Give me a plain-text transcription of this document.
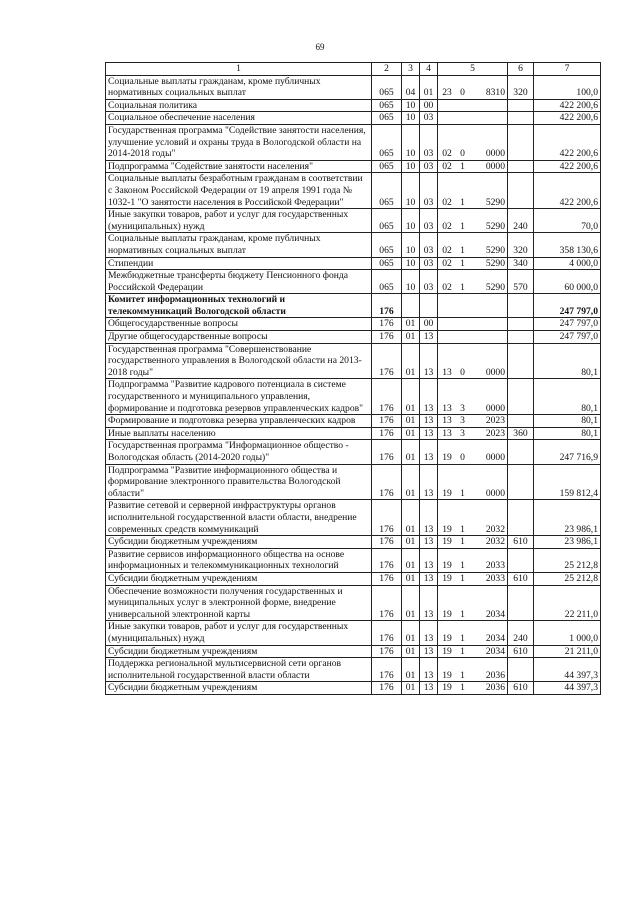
69
1	2	3	4	5	6	7
Социальные выплаты гражданам, кроме публичных нормативных социальных выплат	065	04	01	23 0 8310	320	100,0
Социальная политика	065	10	00			422 200,6
Социальное обеспечение населения	065	10	03			422 200,6
Государственная программа "Содействие занятости населения, улучшение условий и охраны труда в Вологодской области на 2014-2018 годы"	065	10	03	02 0 0000		422 200,6
Подпрограмма "Содействие занятости населения"	065	10	03	02 1 0000		422 200,6
Социальные выплаты безработным гражданам в соответствии с Законом Российской Федерации от 19 апреля 1991 года № 1032-1 "О занятости населения в Российской Федерации"	065	10	03	02 1 5290		422 200,6
Иные закупки товаров, работ и услуг для государственных (муниципальных) нужд	065	10	03	02 1 5290	240	70,0
Социальные выплаты гражданам, кроме публичных нормативных социальных выплат	065	10	03	02 1 5290	320	358 130,6
Стипендии	065	10	03	02 1 5290	340	4 000,0
Межбюджетные трансферты бюджету Пенсионного фонда Российской Федерации	065	10	03	02 1 5290	570	60 000,0
Комитет информационных технологий и телекоммуникаций Вологодской области	176					247 797,0
Общегосударственные вопросы	176	01	00			247 797,0
Другие общегосударственные вопросы	176	01	13			247 797,0
Государственная программа "Совершенствование государственного управления в Вологодской области на 2013-2018 годы"	176	01	13	13 0 0000		80,1
Подпрограмма "Развитие кадрового потенциала в системе государственного и муниципального управления, формирование и подготовка резервов управленческих кадров"	176	01	13	13 3 0000		80,1
Формирование и подготовка резерва управленческих кадров	176	01	13	13 3 2023		80,1
Иные выплаты населению	176	01	13	13 3 2023	360	80,1
Государственная программа "Информационное общество - Вологодская область (2014-2020 годы)"	176	01	13	19 0 0000		247 716,9
Подпрограмма "Развитие информационного общества и формирование электронного правительства Вологодской области"	176	01	13	19 1 0000		159 812,4
Развитие сетевой и серверной инфраструктуры органов исполнительной государственной власти области, внедрение современных средств коммуникаций	176	01	13	19 1 2032		23 986,1
Субсидии бюджетным учреждениям	176	01	13	19 1 2032	610	23 986,1
Развитие сервисов информационного общества на основе информационных и телекоммуникационных технологий	176	01	13	19 1 2033		25 212,8
Субсидии бюджетным учреждениям	176	01	13	19 1 2033	610	25 212,8
Обеспечение возможности получения государственных и муниципальных услуг в электронной форме, внедрение универсальной электронной карты	176	01	13	19 1 2034		22 211,0
Иные закупки товаров, работ и услуг для государственных (муниципальных) нужд	176	01	13	19 1 2034	240	1 000,0
Субсидии бюджетным учреждениям	176	01	13	19 1 2034	610	21 211,0
Поддержка региональной мультисервисной сети органов исполнительной государственной власти области	176	01	13	19 1 2036		44 397,3
Субсидии бюджетным учреждениям	176	01	13	19 1 2036	610	44 397,3
